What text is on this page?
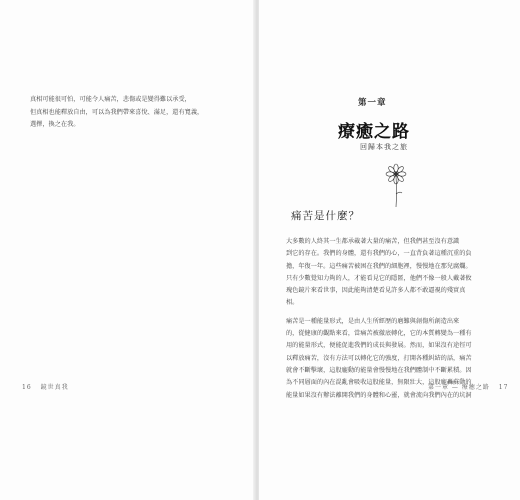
真相可能很可怕，可能令人痛苦，悲傷或是變得難以承受，

但真相也能釋放自由，可以為我們帶來喜悅、滿足，還有寬義，

選擇，換之在我。

16 鏡世真我
第一章
療癒之路
回歸本我之旅
痛苦是什麼？

大多數的人終其一生都承載著大量的痛苦，但我們甚至沒有意識
到它的存在。我們的身體，還有我們的心，一直背負著這種沉重的負
擔，年復一年。這些痛苦被困在我們的細胞裡，慢慢地在那兒腐爛。
只有少數覺知力夠的人，才能看見它的隱匿，他們不像一般人戴著攸
瑰色鏡片來看世事，因此能夠清楚看見許多人都不敢逼視的殘實真
相。

痛苦是一種能量形式，是由人生所經歷的磨難與創傷所創造出來
的，從健康的觀點來看，當痛苦被徹底轉化，它的本質轉變為一種有
用的能量形式，便能促進我們的成長與發展。然而，如果沒有途徑可
以釋放痛苦，沒有方法可以轉化它的強度，打開各種糾結的話，痛苦
就會不斷擊壞，這股龐動的能量會慢慢地在我們體制中不斷累積。因
為不同層面的內在混亂會吸收這股能量，無限壯大，這股龐轟蘇動的
能量如果沒有辦法離開我們的身體和心靈，就會流向我們內在的坑洞

第一章 — 療癒之路 17
